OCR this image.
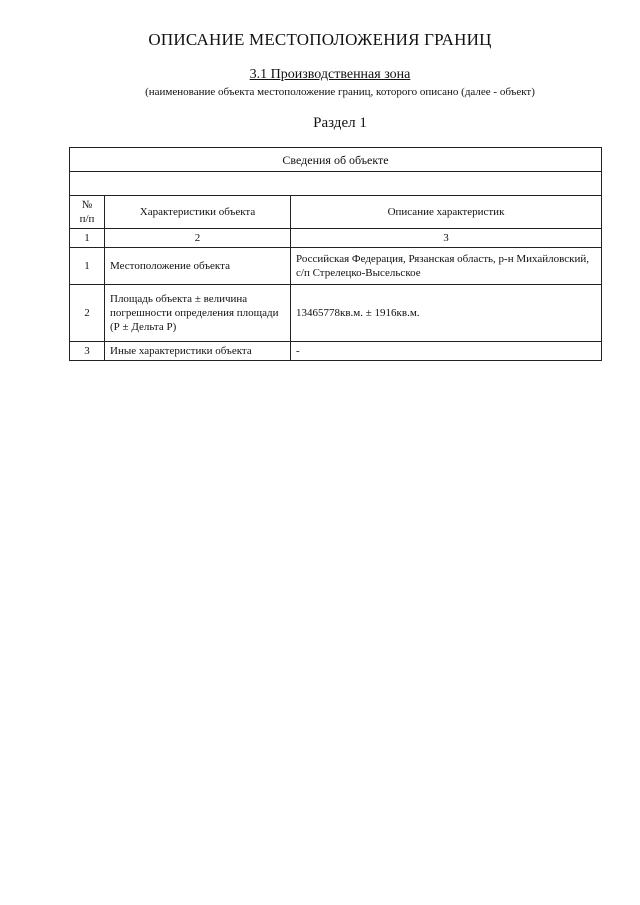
ОПИСАНИЕ МЕСТОПОЛОЖЕНИЯ ГРАНИЦ
3.1 Производственная зона
(наименование объекта местоположение границ, которого описано (далее - объект)
Раздел 1
Сведения об объекте		

№
п/п	Характеристики объекта	Описание характеристик
1	2	3
1	Местоположение объекта	Российская Федерация, Рязанская область, р-н Михайловский, с/п Стрелецко-Высельское
2	Площадь объекта ± величина погрешности определения площади (Р ± Дельта Р)	13465778кв.м. ± 1916кв.м.
3	Иные характеристики объекта	-
